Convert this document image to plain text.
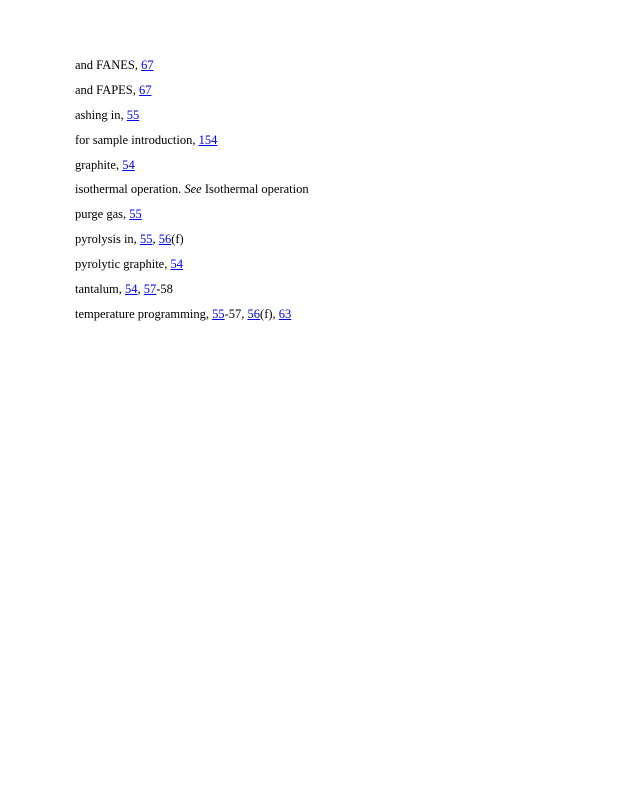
and FANES, 67
and FAPES, 67
ashing in, 55
for sample introduction, 154
graphite, 54
isothermal operation. See Isothermal operation
purge gas, 55
pyrolysis in, 55, 56(f)
pyrolytic graphite, 54
tantalum, 54, 57-58
temperature programming, 55-57, 56(f), 63
